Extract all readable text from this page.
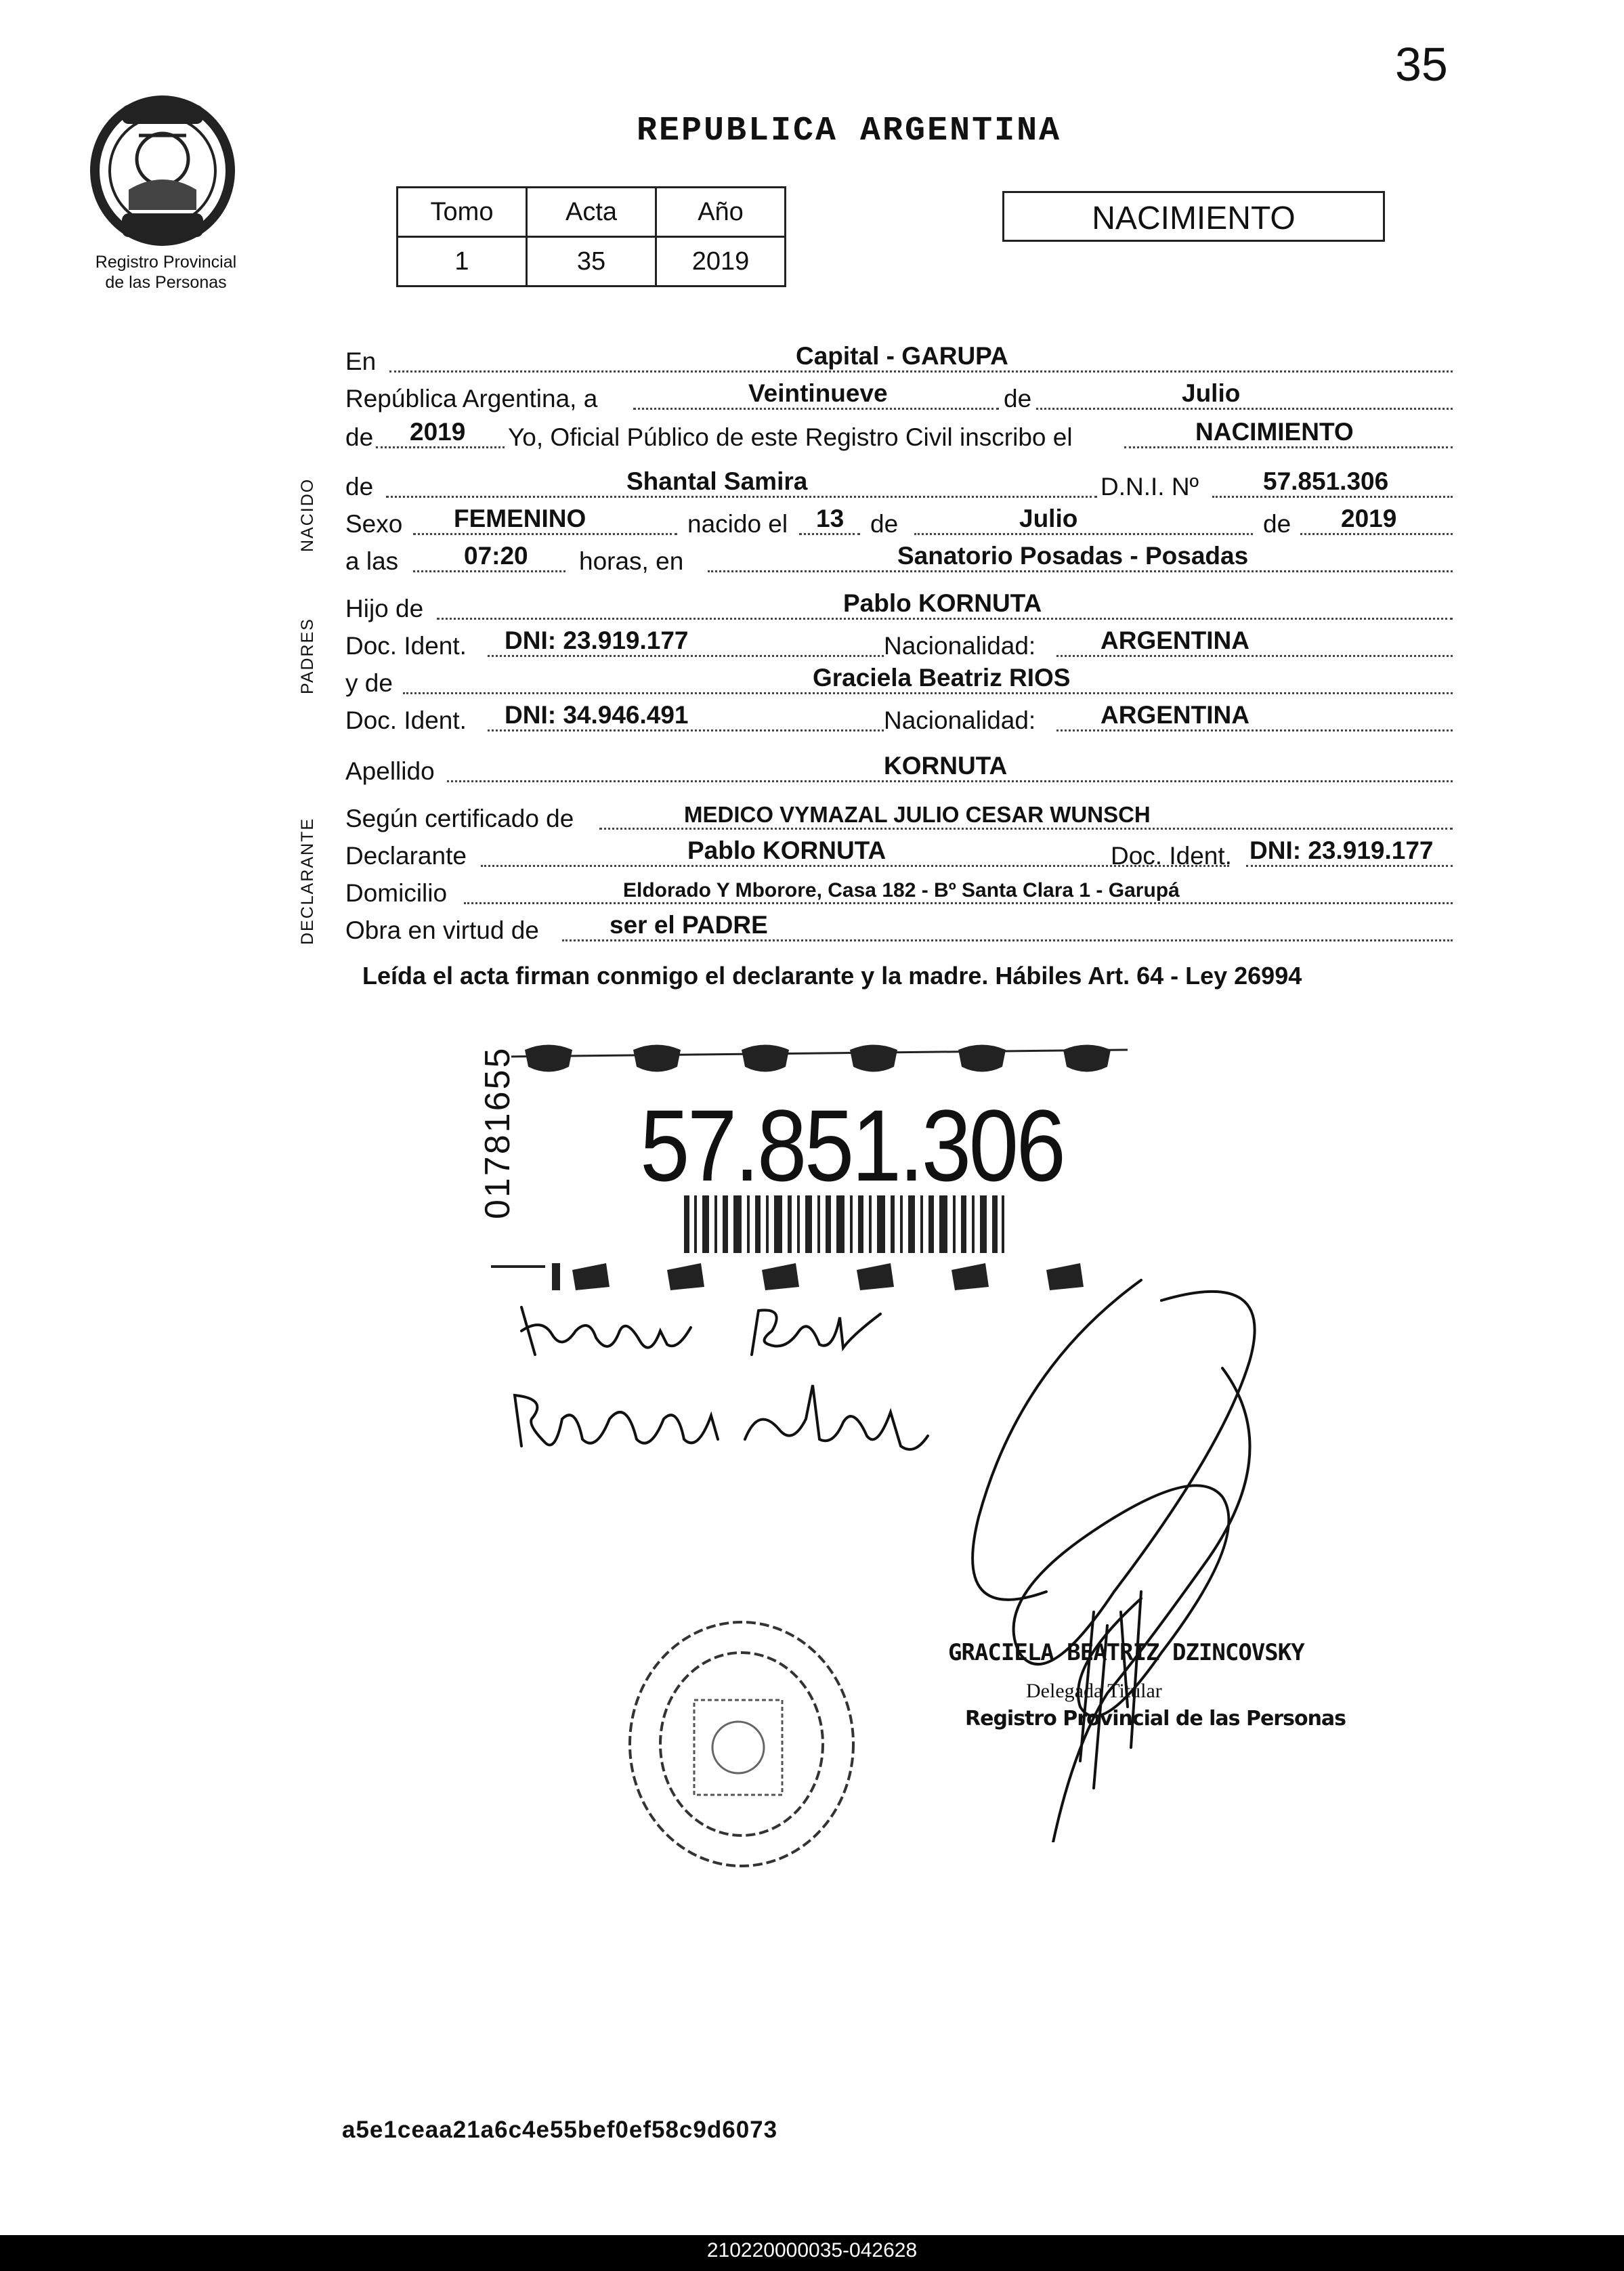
35
REPUBLICA ARGENTINA
Registro Provincial
de las Personas
Tomo	Acta	Año
1	35	2019
NACIMIENTO
NACIDO
PADRES
DECLARANTE
En	Capital - GARUPA
República Argentina, a	Veintinueve	de	Julio
de 2019 Yo, Oficial Público de este Registro Civil inscribo el	NACIMIENTO
de	Shantal Samira	D.N.I. Nº	57.851.306
Sexo FEMENINO	nacido el 13 de	Julio	de 2019
a las	07:20 horas, en	Sanatorio Posadas - Posadas
Hijo de	Pablo KORNUTA
Doc. Ident. DNI: 23.919.177	Nacionalidad:	ARGENTINA
y de	Graciela Beatriz RIOS
Doc. Ident. DNI: 34.946.491	Nacionalidad:	ARGENTINA
Apellido	KORNUTA
Según certificado de	MEDICO VYMAZAL JULIO CESAR WUNSCH
Declarante	Pablo KORNUTA	Doc. Ident. DNI: 23.919.177
Domicilio	Eldorado Y Mborore, Casa 182 - Bº Santa Clara 1 - Garupá
Obra en virtud de	ser el PADRE
Leída el acta firman conmigo el declarante y la madre. Hábiles Art. 64 - Ley 26994
57.851.306
01781655
GRACIELA BEATRIZ DZINCOVSKY
Delegada Titular
Registro Provincial de las Personas
a5e1ceaa21a6c4e55bef0ef58c9d6073
210220000035-042628
